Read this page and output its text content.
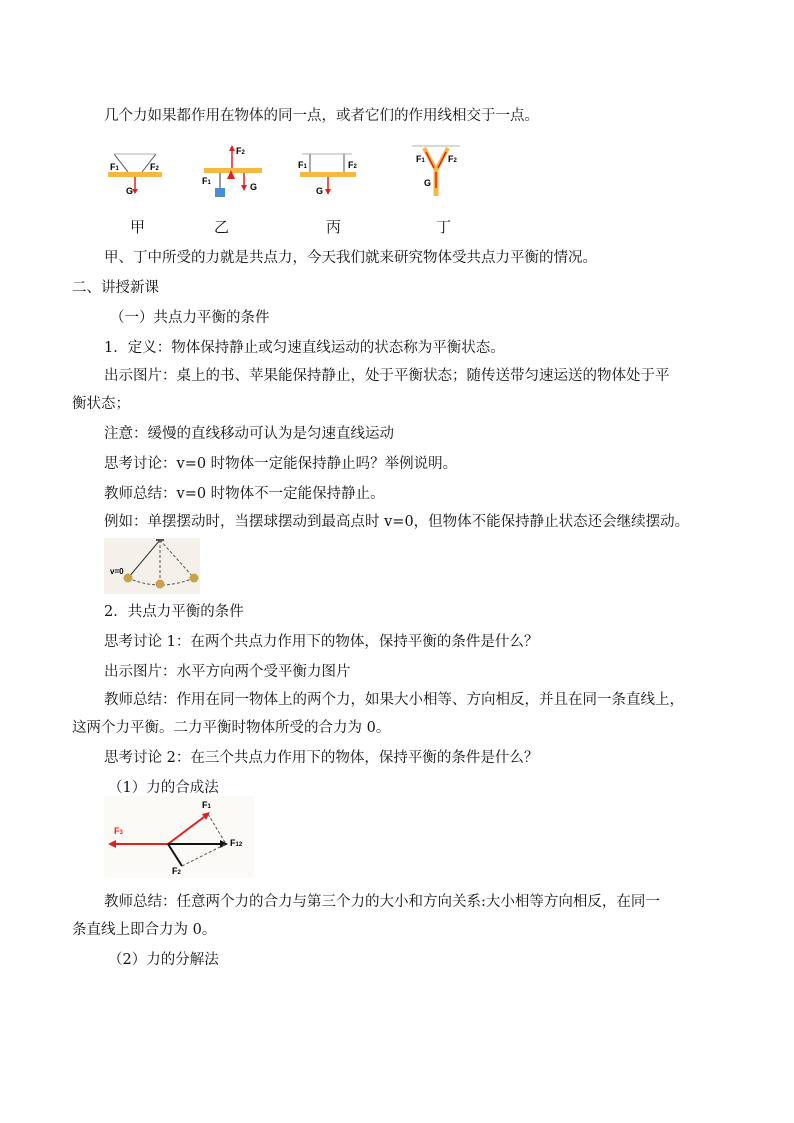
几个力如果都作用在物体的同一点，或者它们的作用线相交于一点。
F1	F2
G
F2
F1	G
F1	F2
G
F1	F2
G
甲	乙	丙	丁
甲、丁中所受的力就是共点力，今天我们就来研究物体受共点力平衡的情况。
二、讲授新课
（一）共点力平衡的条件
1．定义：物体保持静止或匀速直线运动的状态称为平衡状态。
出示图片：桌上的书、苹果能保持静止，处于平衡状态；随传送带匀速运送的物体处于平
衡状态；
注意：缓慢的直线移动可认为是匀速直线运动
思考讨论：v=0 时物体一定能保持静止吗？举例说明。
教师总结：v=0 时物体不一定能保持静止。
例如：单摆摆动时，当摆球摆动到最高点时 v=0，但物体不能保持静止状态还会继续摆动。
v=0
2．共点力平衡的条件
思考讨论 1：在两个共点力作用下的物体，保持平衡的条件是什么？
出示图片：水平方向两个受平衡力图片
教师总结：作用在同一物体上的两个力，如果大小相等、方向相反，并且在同一条直线上，
这两个力平衡。二力平衡时物体所受的合力为 0。
思考讨论 2：在三个共点力作用下的物体，保持平衡的条件是什么？
（1）力的合成法
F3
F1
F12
F2
教师总结：任意两个力的合力与第三个力的大小和方向关系:大小相等方向相反，在同一
条直线上即合力为 0。
（2）力的分解法
